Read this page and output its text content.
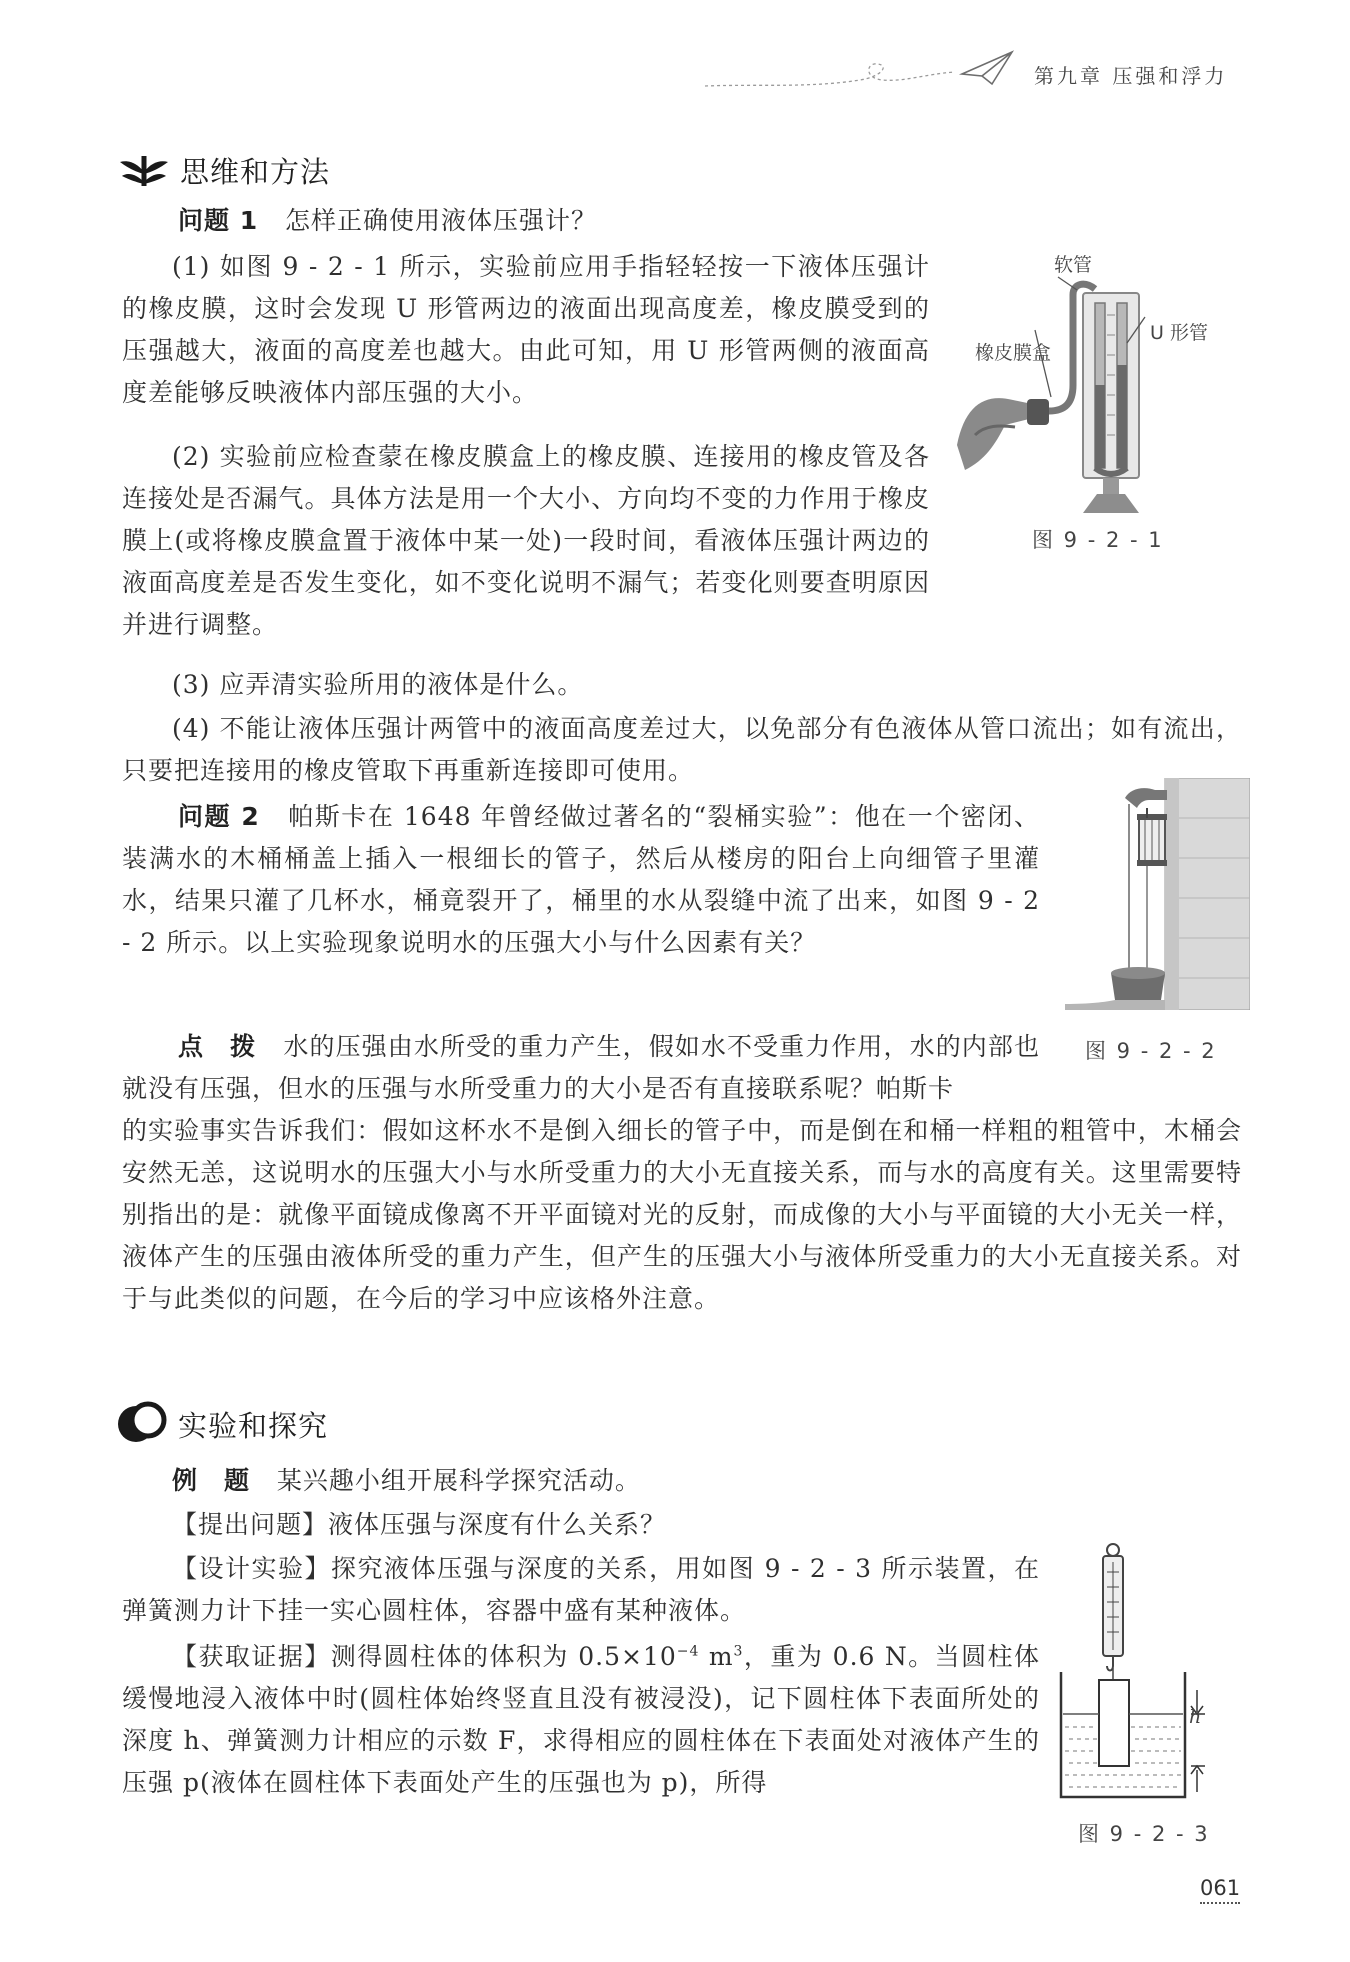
第九章 压强和浮力
思维和方法
问题 1 怎样正确使用液体压强计？

(1) 如图 9 - 2 - 1 所示，实验前应用手指轻轻按一下液体压强计的橡皮膜，这时会发现 U 形管两边的液面出现高度差，橡皮膜受到的压强越大，液面的高度差也越大。由此可知，用 U 形管两侧的液面高度差能够反映液体内部压强的大小。

(2) 实验前应检查蒙在橡皮膜盒上的橡皮膜、连接用的橡皮管及各连接处是否漏气。具体方法是用一个大小、方向均不变的力作用于橡皮膜上(或将橡皮膜盒置于液体中某一处)一段时间，看液体压强计两边的液面高度差是否发生变化，如不变化说明不漏气；若变化则要查明原因并进行调整。

(3) 应弄清实验所用的液体是什么。

(4) 不能让液体压强计两管中的液面高度差过大，以免部分有色液体从管口流出；如有流出，只要把连接用的橡皮管取下再重新连接即可使用。

软管
U 形管
橡皮膜盒
图 9 - 2 - 1
问题 2 帕斯卡在 1648 年曾经做过著名的“裂桶实验”：他在一个密闭、装满水的木桶桶盖上插入一根细长的管子，然后从楼房的阳台上向细管子里灌水，结果只灌了几杯水，桶竟裂开了，桶里的水从裂缝中流了出来，如图 9 - 2 - 2 所示。以上实验现象说明水的压强大小与什么因素有关？
图 9 - 2 - 2
点　拨 水的压强由水所受的重力产生，假如水不受重力作用，水的内部也就没有压强，但水的压强与水所受重力的大小是否有直接联系呢？帕斯卡

的实验事实告诉我们：假如这杯水不是倒入细长的管子中，而是倒在和桶一样粗的粗管中，木桶会安然无恙，这说明水的压强大小与水所受重力的大小无直接关系，而与水的高度有关。这里需要特别指出的是：就像平面镜成像离不开平面镜对光的反射，而成像的大小与平面镜的大小无关一样，液体产生的压强由液体所受的重力产生，但产生的压强大小与液体所受重力的大小无直接关系。对于与此类似的问题，在今后的学习中应该格外注意。

实验和探究
例　题 某兴趣小组开展科学探究活动。
【提出问题】液体压强与深度有什么关系？
【设计实验】探究液体压强与深度的关系，用如图 9 - 2 - 3 所示装置，在弹簧测力计下挂一实心圆柱体，容器中盛有某种液体。
【获取证据】测得圆柱体的体积为 $0.5\times 10^{-4}$ $m^3$，重为 0.6 N。当圆柱体缓慢地浸入液体中时(圆柱体始终竖直且没有被浸没)，记下圆柱体下表面所处的深度 h、弹簧测力计相应的示数 F，求得相应的圆柱体在下表面处对液体产生的压强 p(液体在圆柱体下表面处产生的压强也为 p)，所得
h
图 9 - 2 - 3
061
